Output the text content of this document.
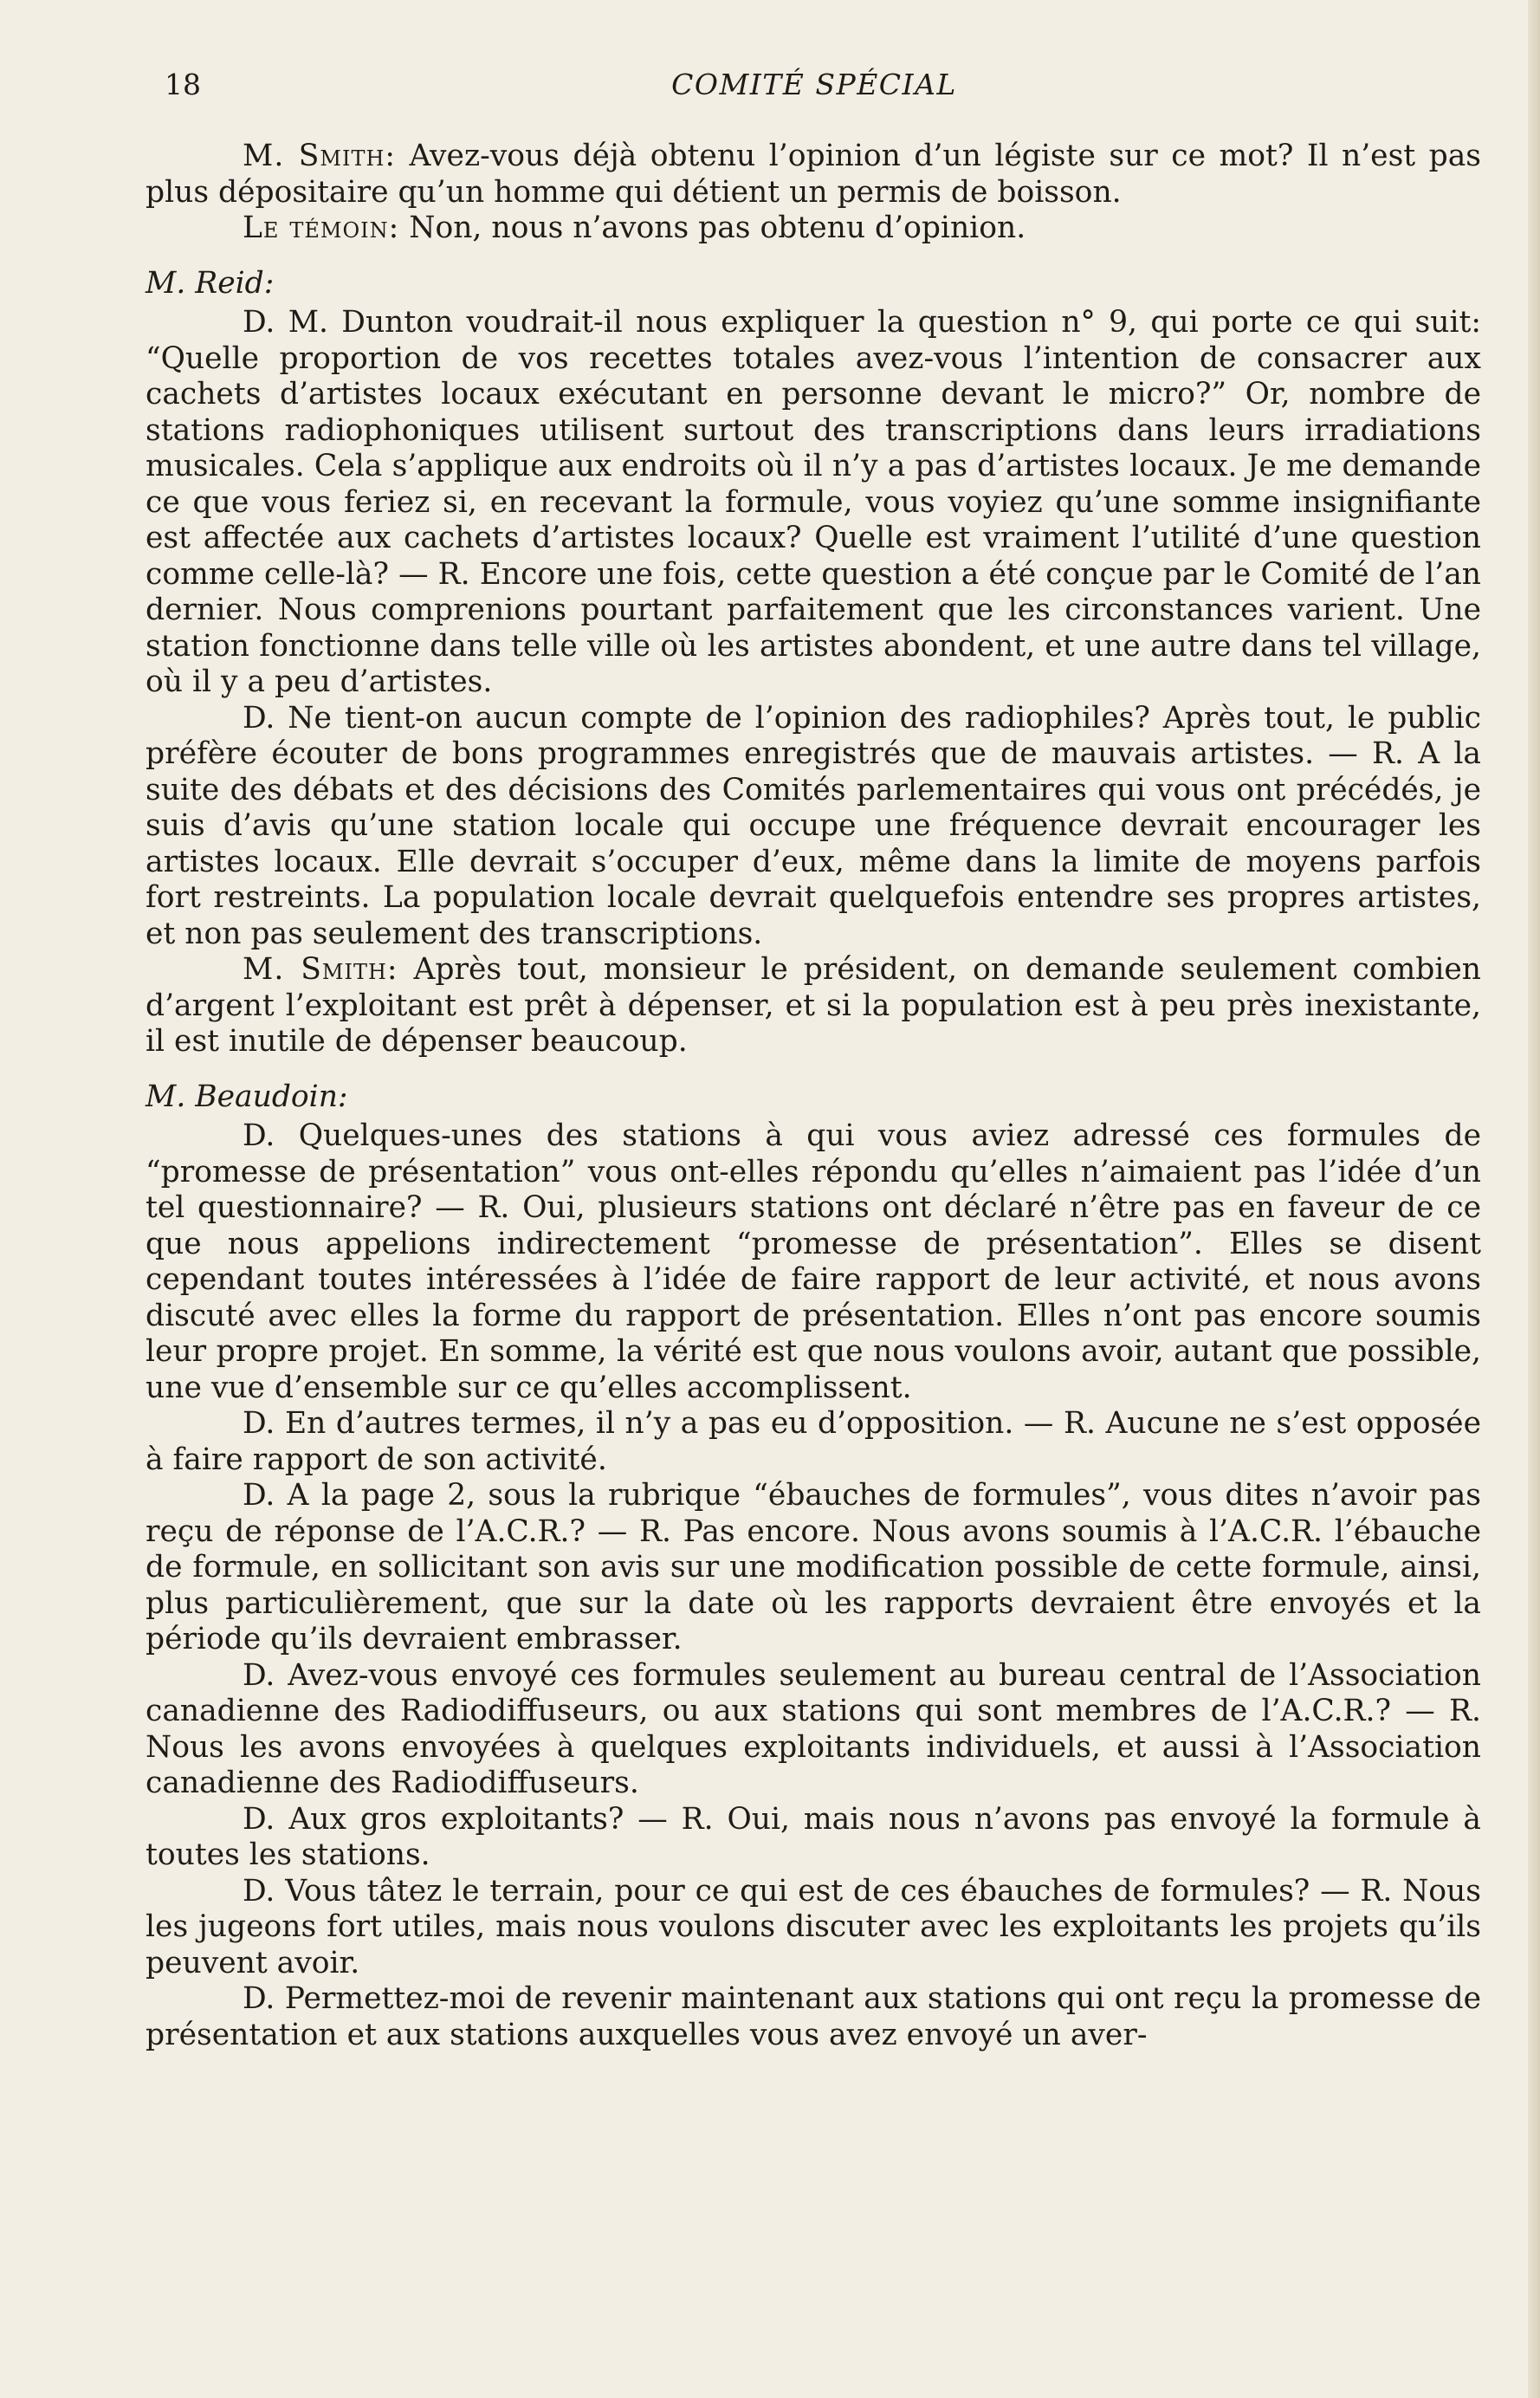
18	COMITÉ SPÉCIAL

M. Smith: Avez-vous déjà obtenu l’opinion d’un légiste sur ce mot? Il n’est pas plus dépositaire qu’un homme qui détient un permis de boisson.

Le témoin: Non, nous n’avons pas obtenu d’opinion.

M. Reid:

D. M. Dunton voudrait-il nous expliquer la question n° 9, qui porte ce qui suit: “Quelle proportion de vos recettes totales avez-vous l’intention de consacrer aux cachets d’artistes locaux exécutant en personne devant le micro?” Or, nombre de stations radiophoniques utilisent surtout des transcriptions dans leurs irradiations musicales. Cela s’applique aux endroits où il n’y a pas d’artistes locaux. Je me demande ce que vous feriez si, en recevant la formule, vous voyiez qu’une somme insignifiante est affectée aux cachets d’artistes locaux? Quelle est vraiment l’utilité d’une question comme celle-là? — R. Encore une fois, cette question a été conçue par le Comité de l’an dernier. Nous comprenions pourtant parfaitement que les circonstances varient. Une station fonctionne dans telle ville où les artistes abondent, et une autre dans tel village, où il y a peu d’artistes.

D. Ne tient-on aucun compte de l’opinion des radiophiles? Après tout, le public préfère écouter de bons programmes enregistrés que de mauvais artistes. — R. A la suite des débats et des décisions des Comités parlementaires qui vous ont précédés, je suis d’avis qu’une station locale qui occupe une fréquence devrait encourager les artistes locaux. Elle devrait s’occuper d’eux, même dans la limite de moyens parfois fort restreints. La population locale devrait quelquefois entendre ses propres artistes, et non pas seulement des transcriptions.

M. Smith: Après tout, monsieur le président, on demande seulement combien d’argent l’exploitant est prêt à dépenser, et si la population est à peu près inexistante, il est inutile de dépenser beaucoup.

M. Beaudoin:

D. Quelques-unes des stations à qui vous aviez adressé ces formules de “promesse de présentation” vous ont-elles répondu qu’elles n’aimaient pas l’idée d’un tel questionnaire? — R. Oui, plusieurs stations ont déclaré n’être pas en faveur de ce que nous appelions indirectement “promesse de présentation”. Elles se disent cependant toutes intéressées à l’idée de faire rapport de leur activité, et nous avons discuté avec elles la forme du rapport de présentation. Elles n’ont pas encore soumis leur propre projet. En somme, la vérité est que nous voulons avoir, autant que possible, une vue d’ensemble sur ce qu’elles accomplissent.

D. En d’autres termes, il n’y a pas eu d’opposition. — R. Aucune ne s’est opposée à faire rapport de son activité.

D. A la page 2, sous la rubrique “ébauches de formules”, vous dites n’avoir pas reçu de réponse de l’A.C.R.? — R. Pas encore. Nous avons soumis à l’A.C.R. l’ébauche de formule, en sollicitant son avis sur une modification possible de cette formule, ainsi, plus particulièrement, que sur la date où les rapports devraient être envoyés et la période qu’ils devraient embrasser.

D. Avez-vous envoyé ces formules seulement au bureau central de l’Association canadienne des Radiodiffuseurs, ou aux stations qui sont membres de l’A.C.R.? — R. Nous les avons envoyées à quelques exploitants individuels, et aussi à l’Association canadienne des Radiodiffuseurs.

D. Aux gros exploitants? — R. Oui, mais nous n’avons pas envoyé la formule à toutes les stations.

D. Vous tâtez le terrain, pour ce qui est de ces ébauches de formules? — R. Nous les jugeons fort utiles, mais nous voulons discuter avec les exploitants les projets qu’ils peuvent avoir.

D. Permettez-moi de revenir maintenant aux stations qui ont reçu la promesse de présentation et aux stations auxquelles vous avez envoyé un aver-
